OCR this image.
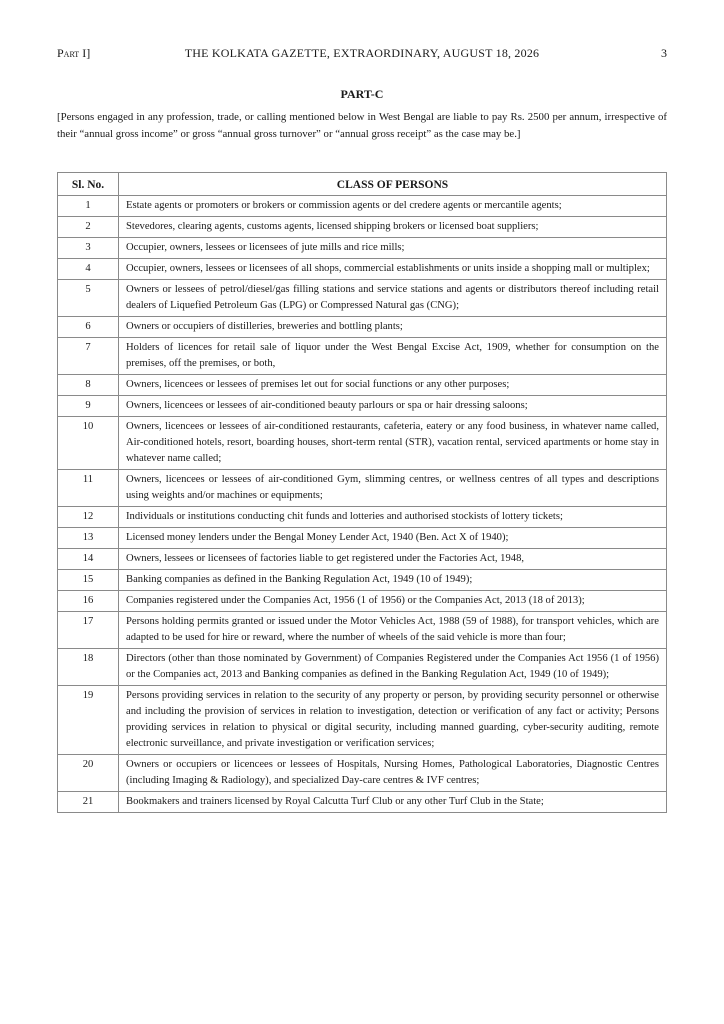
Part I]	THE KOLKATA GAZETTE, EXTRAORDINARY, AUGUST 18, 2026	3
PART-C
[Persons engaged in any profession, trade, or calling mentioned below in West Bengal are liable to pay Rs. 2500 per annum, irrespective of their “annual gross income” or gross “annual gross turnover” or “annual gross receipt” as the case may be.]
Sl. No.	CLASS OF PERSONS
1	Estate agents or promoters or brokers or commission agents or del credere agents or mercantile agents;
2	Stevedores, clearing agents, customs agents, licensed shipping brokers or licensed boat suppliers;
3	Occupier, owners, lessees or licensees of jute mills and rice mills;
4	Occupier, owners, lessees or licensees of all shops, commercial establishments or units inside a shopping mall or multiplex;
5	Owners or lessees of petrol/diesel/gas filling stations and service stations and agents or distributors thereof including retail dealers of Liquefied Petroleum Gas (LPG) or Compressed Natural gas (CNG);
6	Owners or occupiers of distilleries, breweries and bottling plants;
7	Holders of licences for retail sale of liquor under the West Bengal Excise Act, 1909, whether for consumption on the premises, off the premises, or both,
8	Owners, licencees or lessees of premises let out for social functions or any other purposes;
9	Owners, licencees or lessees of air-conditioned beauty parlours or spa or hair dressing saloons;
10	Owners, licencees or lessees of air-conditioned restaurants, cafeteria, eatery or any food business, in whatever name called, Air-conditioned hotels, resort, boarding houses, short-term rental (STR), vacation rental, serviced apartments or home stay in whatever name called;
11	Owners, licencees or lessees of air-conditioned Gym, slimming centres, or wellness centres of all types and descriptions using weights and/or machines or equipments;
12	Individuals or institutions conducting chit funds and lotteries and authorised stockists of lottery tickets;
13	Licensed money lenders under the Bengal Money Lender Act, 1940 (Ben. Act X of 1940);
14	Owners, lessees or licensees of factories liable to get registered under the Factories Act, 1948,
15	Banking companies as defined in the Banking Regulation Act, 1949 (10 of 1949);
16	Companies registered under the Companies Act, 1956 (1 of 1956) or the Companies Act, 2013 (18 of 2013);
17	Persons holding permits granted or issued under the Motor Vehicles Act, 1988 (59 of 1988), for transport vehicles, which are adapted to be used for hire or reward, where the number of wheels of the said vehicle is more than four;
18	Directors (other than those nominated by Government) of Companies Registered under the Companies Act 1956 (1 of 1956) or the Companies act, 2013 and Banking companies as defined in the Banking Regulation Act, 1949 (10 of 1949);
19	Persons providing services in relation to the security of any property or person, by providing security personnel or otherwise and including the provision of services in relation to investigation, detection or verification of any fact or activity; Persons providing services in relation to physical or digital security, including manned guarding, cyber-security auditing, remote electronic surveillance, and private investigation or verification services;
20	Owners or occupiers or licencees or lessees of Hospitals, Nursing Homes, Pathological Laboratories, Diagnostic Centres (including Imaging & Radiology), and specialized Day-care centres & IVF centres;
21	Bookmakers and trainers licensed by Royal Calcutta Turf Club or any other Turf Club in the State;
